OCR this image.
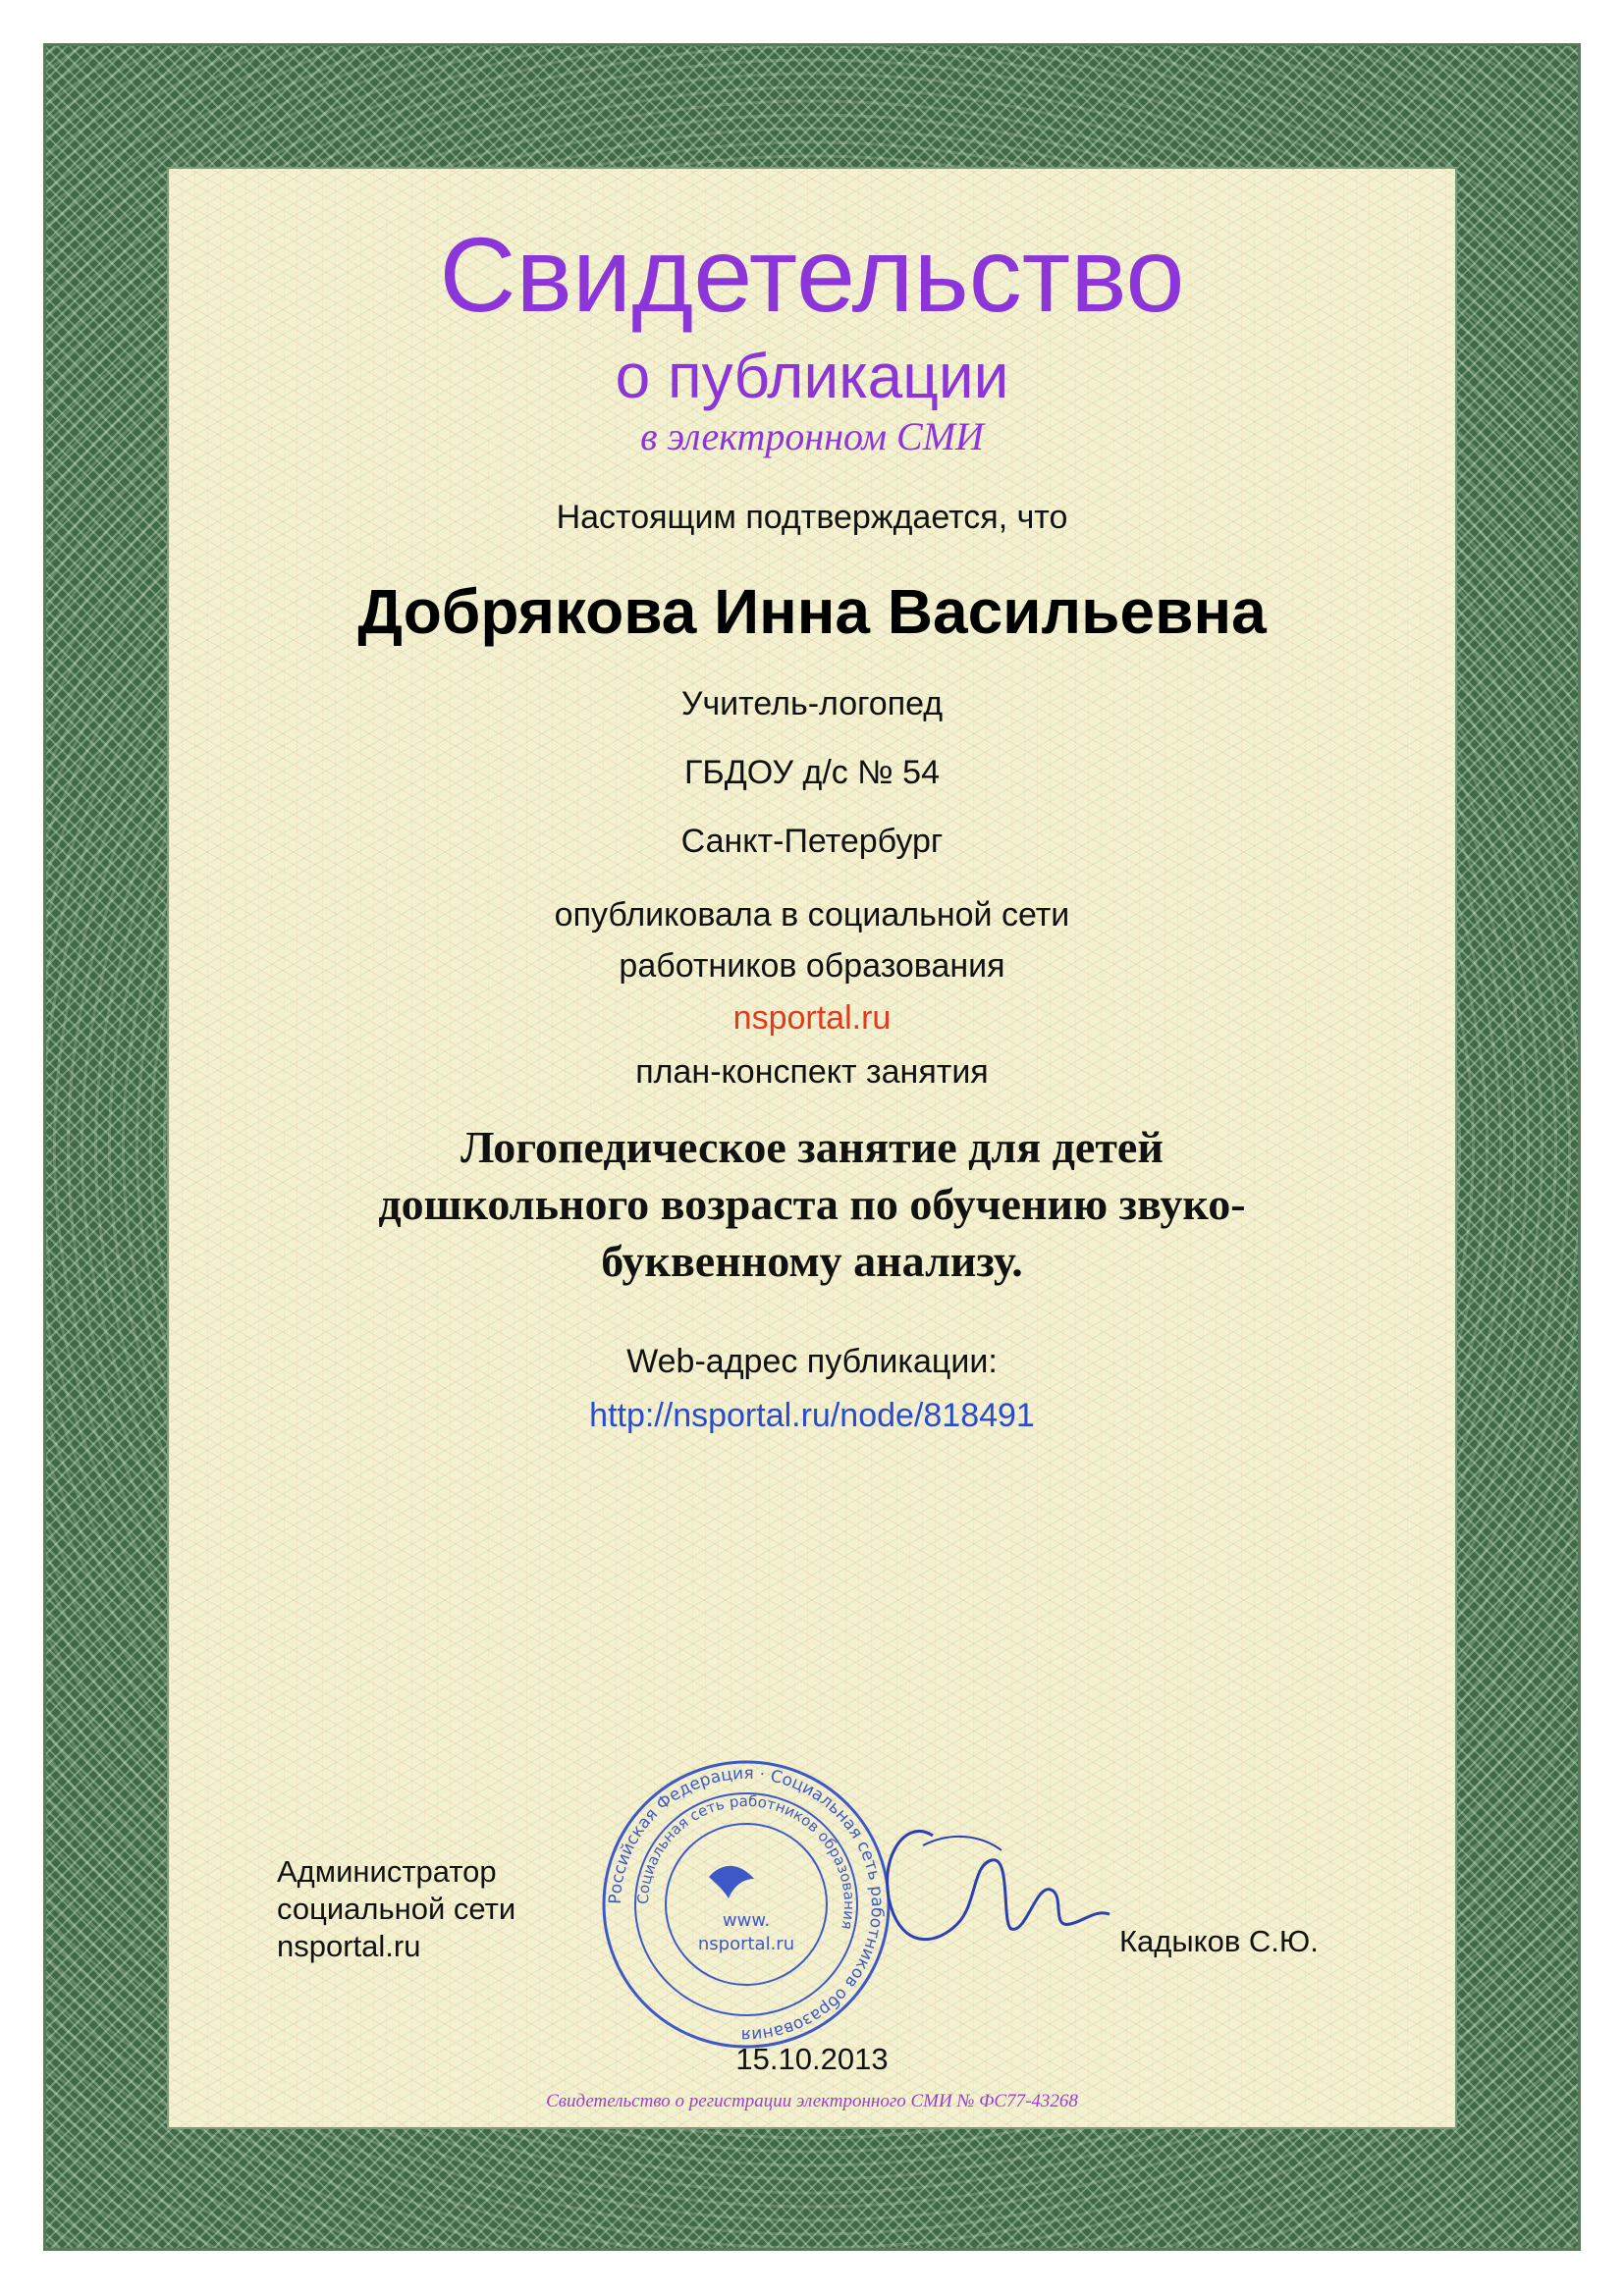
Свидетельство
о публикации
в электронном СМИ
Настоящим подтверждается, что
Добрякова Инна Васильевна
Учитель-логопед
ГБДОУ д/с № 54
Санкт-Петербург
опубликовала в социальной сети
работников образования
nsportal.ru
план-конспект занятия
Логопедическое занятие для детей
дошкольного возраста по обучению звуко-
буквенному анализу.
Web-адрес публикации:
http://nsportal.ru/node/818491
Администратор
социальной сети
nsportal.ru
Российская Федерация · Социальная сеть работников образования
Социальная сеть работников образования
www.
nsportal.ru	Кадыков С.Ю.
15.10.2013
Свидетельство о регистрации электронного СМИ № ФС77-43268
